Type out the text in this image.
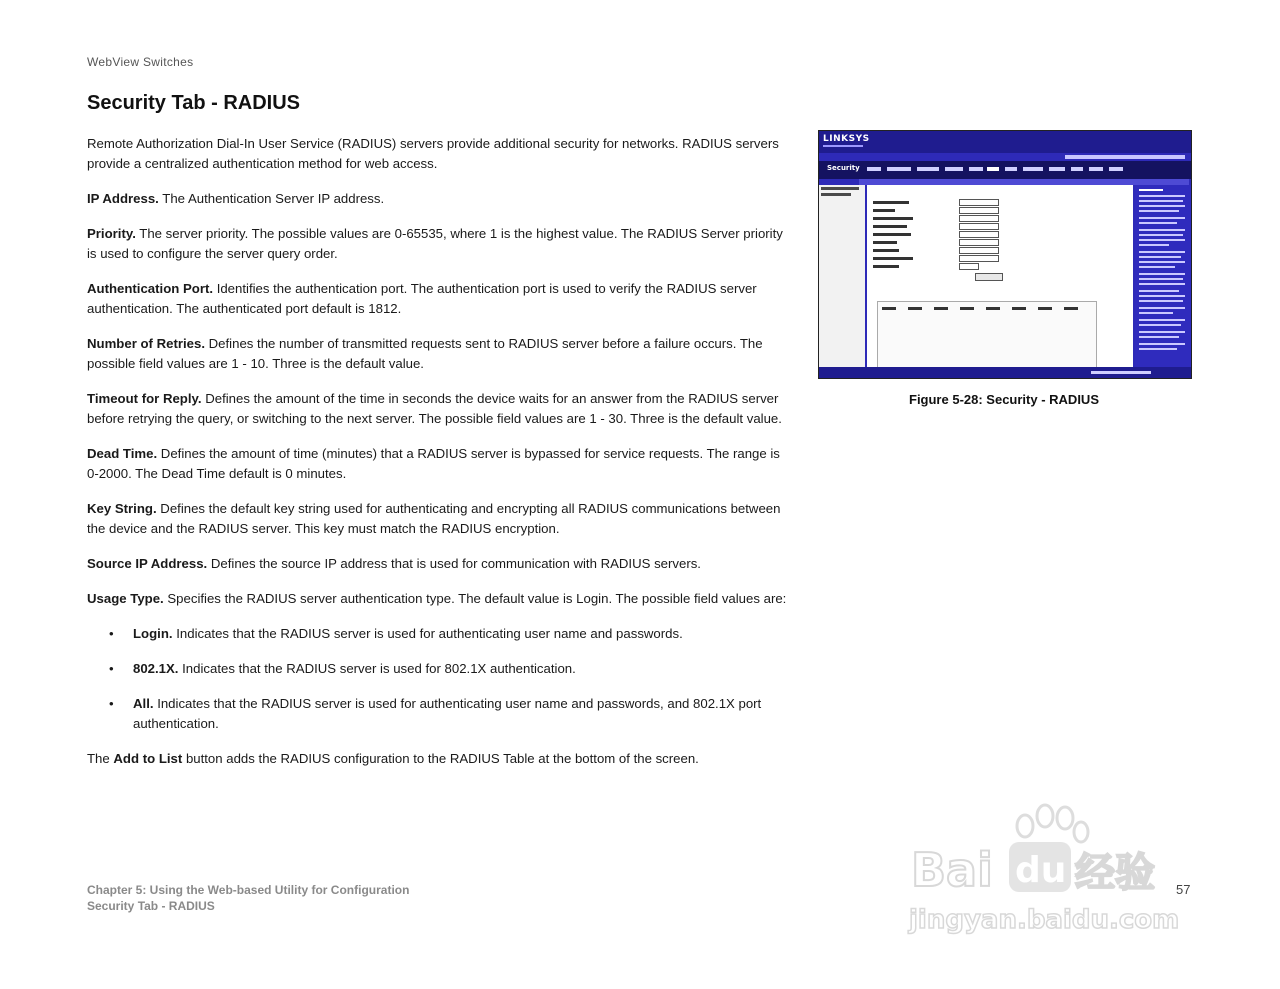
WebView Switches
Security Tab - RADIUS

Remote Authorization Dial-In User Service (RADIUS) servers provide additional security for networks. RADIUS servers provide a centralized authentication method for web access.

IP Address. The Authentication Server IP address.

Priority. The server priority. The possible values are 0-65535, where 1 is the highest value. The RADIUS Server priority is used to configure the server query order.

Authentication Port. Identifies the authentication port. The authentication port is used to verify the RADIUS server authentication. The authenticated port default is 1812.

Number of Retries. Defines the number of transmitted requests sent to RADIUS server before a failure occurs. The possible field values are 1 - 10. Three is the default value.

Timeout for Reply. Defines the amount of the time in seconds the device waits for an answer from the RADIUS server before retrying the query, or switching to the next server. The possible field values are 1 - 30. Three is the default value.

Dead Time. Defines the amount of time (minutes) that a RADIUS server is bypassed for service requests. The range is 0-2000. The Dead Time default is 0 minutes.

Key String. Defines the default key string used for authenticating and encrypting all RADIUS communications between the device and the RADIUS server. This key must match the RADIUS encryption.

Source IP Address. Defines the source IP address that is used for communication with RADIUS servers.

Usage Type. Specifies the RADIUS server authentication type. The default value is Login. The possible field values are:

• Login. Indicates that the RADIUS server is used for authenticating user name and passwords.
• 802.1X. Indicates that the RADIUS server is used for 802.1X authentication.
• All. Indicates that the RADIUS server is used for authenticating user name and passwords, and 802.1X port authentication.

The Add to List button adds the RADIUS configuration to the RADIUS Table at the bottom of the screen.

LINKSYS
Security

Figure 5-28: Security - RADIUS

Chapter 5: Using the Web-based Utility for Configuration
Security Tab - RADIUS
57
Bai du 经验
jingyan.baidu.com
